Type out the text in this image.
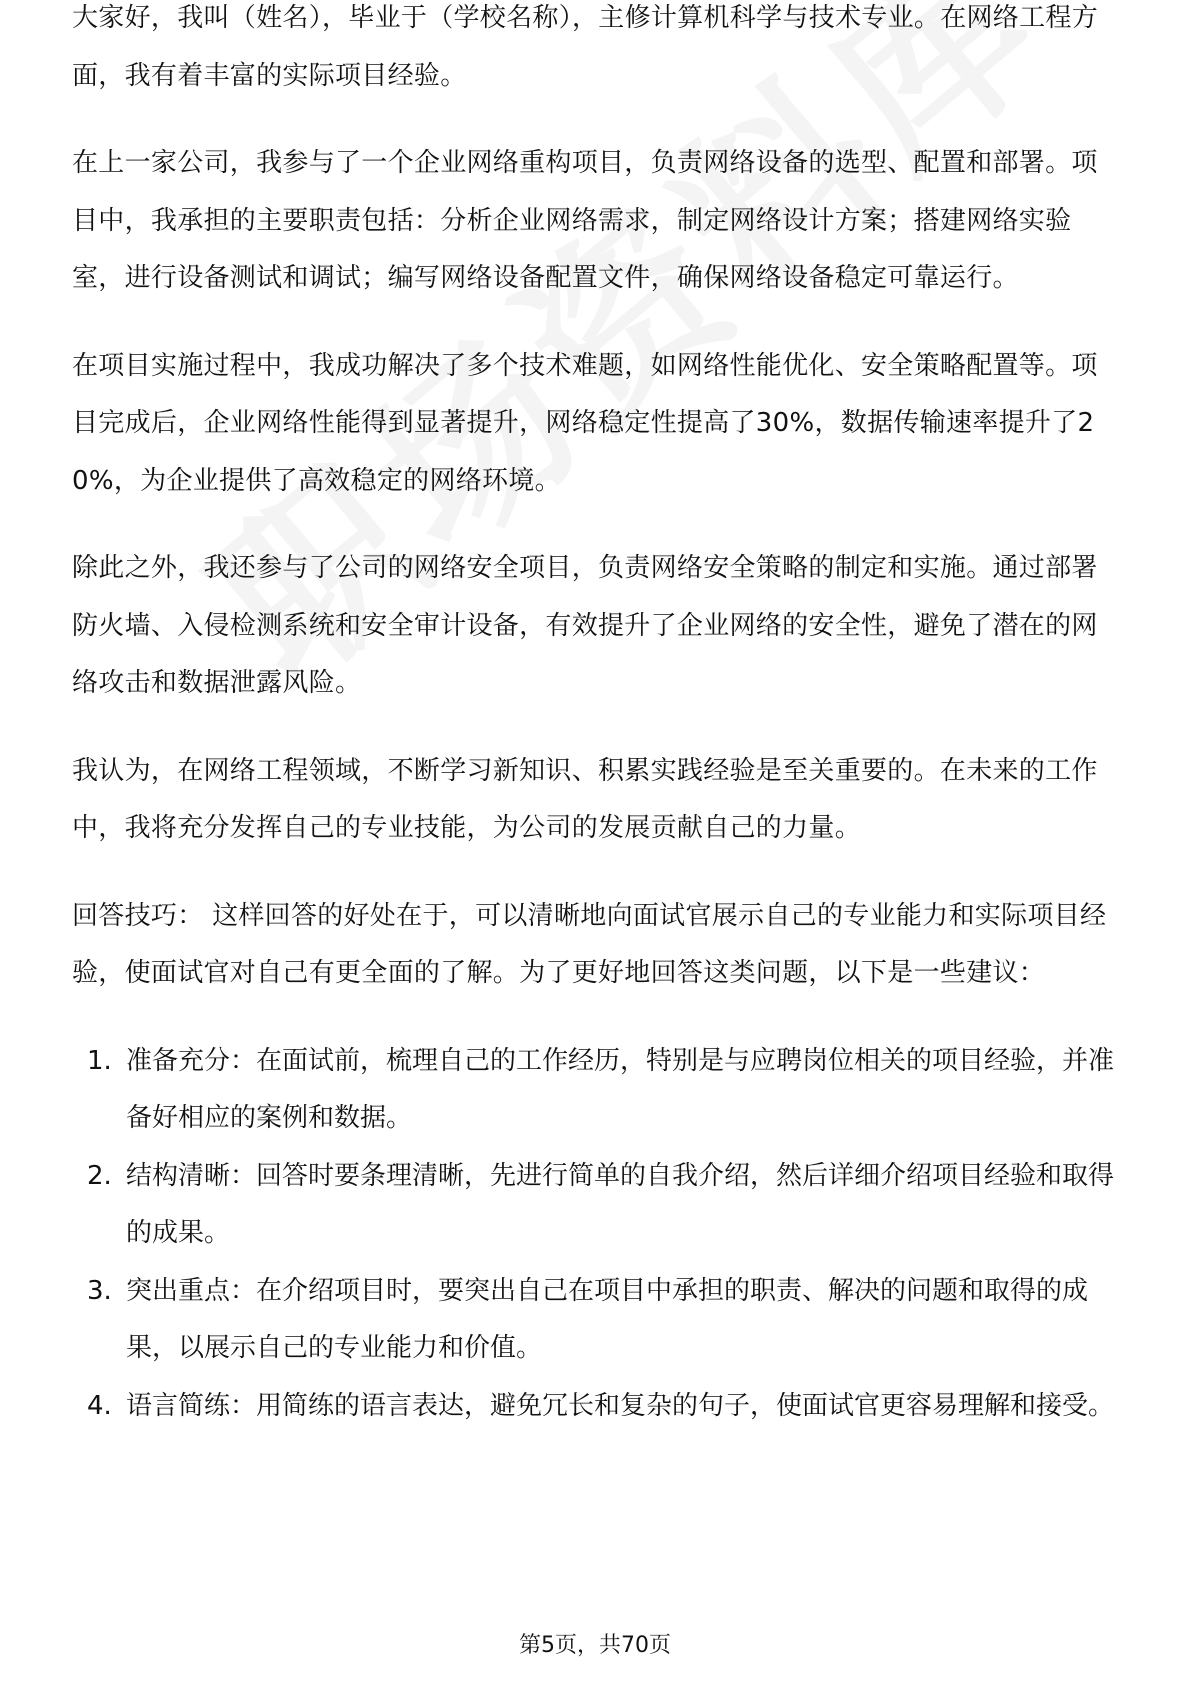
大家好，我叫（姓名），毕业于（学校名称），主修计算机科学与技术专业。在网络工程方面，我有着丰富的实际项目经验。

在上一家公司，我参与了一个企业网络重构项目，负责网络设备的选型、配置和部署。项目中，我承担的主要职责包括：分析企业网络需求，制定网络设计方案；搭建网络实验室，进行设备测试和调试；编写网络设备配置文件，确保网络设备稳定可靠运行。

在项目实施过程中，我成功解决了多个技术难题，如网络性能优化、安全策略配置等。项目完成后，企业网络性能得到显著提升，网络稳定性提高了30%，数据传输速率提升了20%，为企业提供了高效稳定的网络环境。

除此之外，我还参与了公司的网络安全项目，负责网络安全策略的制定和实施。通过部署防火墙、入侵检测系统和安全审计设备，有效提升了企业网络的安全性，避免了潜在的网络攻击和数据泄露风险。

我认为，在网络工程领域，不断学习新知识、积累实践经验是至关重要的。在未来的工作中，我将充分发挥自己的专业技能，为公司的发展贡献自己的力量。

回答技巧： 这样回答的好处在于，可以清晰地向面试官展示自己的专业能力和实际项目经验，使面试官对自己有更全面的了解。为了更好地回答这类问题，以下是一些建议：

1. 准备充分：在面试前，梳理自己的工作经历，特别是与应聘岗位相关的项目经验，并准备好相应的案例和数据。
2. 结构清晰：回答时要条理清晰，先进行简单的自我介绍，然后详细介绍项目经验和取得的成果。
3. 突出重点：在介绍项目时，要突出自己在项目中承担的职责、解决的问题和取得的成果，以展示自己的专业能力和价值。
4. 语言简练：用简练的语言表达，避免冗长和复杂的句子，使面试官更容易理解和接受。
第5页，共70页
